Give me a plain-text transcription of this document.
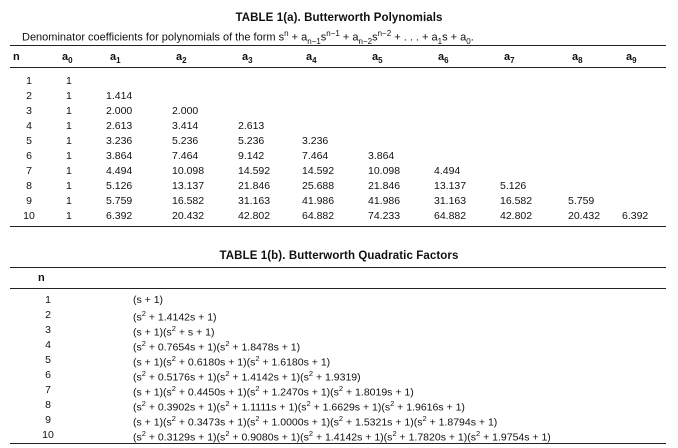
TABLE 1(a). Butterworth Polynomials
Denominator coefficients for polynomials of the form $s^n + a_{n-1}s^{n-1} + a_{n-2}s^{n-2}$ + . . . + $a_1s + a_0$.
n	$a_0$	$a_1$	$a_2$	$a_3$	$a_4$	$a_5$	$a_6$	$a_7$	$a_8$	$a_9$
1	1
2	1	1.414
3	1	2.000	2.000
4	1	2.613	3.414	2.613
5	1	3.236	5.236	5.236	3.236
6	1	3.864	7.464	9.142	7.464	3.864
7	1	4.494	10.098	14.592	14.592	10.098	4.494
8	1	5.126	13.137	21.846	25.688	21.846	13.137	5.126
9	1	5.759	16.582	31.163	41.986	41.986	31.163	16.582	5.759
10	1	6.392	20.432	42.802	64.882	74.233	64.882	42.802	20.432 6.392
TABLE 1(b). Butterworth Quadratic Factors
n
1	(s + 1)
2	$(s^2 + 1.4142s + 1)$
3	$(s + 1)(s^2 + s + 1)$
4	$(s^2 + 0.7654s + 1)(s^2 + 1.8478s + 1)$
5	$(s + 1)(s^2 + 0.6180s + 1)(s^2 + 1.6180s + 1)$
6	$(s^2 + 0.5176s + 1)(s^2 + 1.4142s + 1)(s^2 + 1.9319)$
7	$(s + 1)(s^2 + 0.4450s + 1)(s^2 + 1.2470s + 1)(s^2 + 1.8019s + 1)$
8	$(s^2 + 0.3902s + 1)(s^2 + 1.1111s + 1)(s^2 + 1.6629s + 1)(s^2 + 1.9616s + 1)$
9	$(s + 1)(s^2 + 0.3473s + 1)(s^2 + 1.0000s + 1)(s^2 + 1.5321s + 1)(s^2 + 1.8794s + 1)$
10	$(s^2 + 0.3129s + 1)(s^2 + 0.9080s + 1)(s^2 + 1.4142s + 1)(s^2 + 1.7820s + 1)(s^2 + 1.9754s + 1)$
